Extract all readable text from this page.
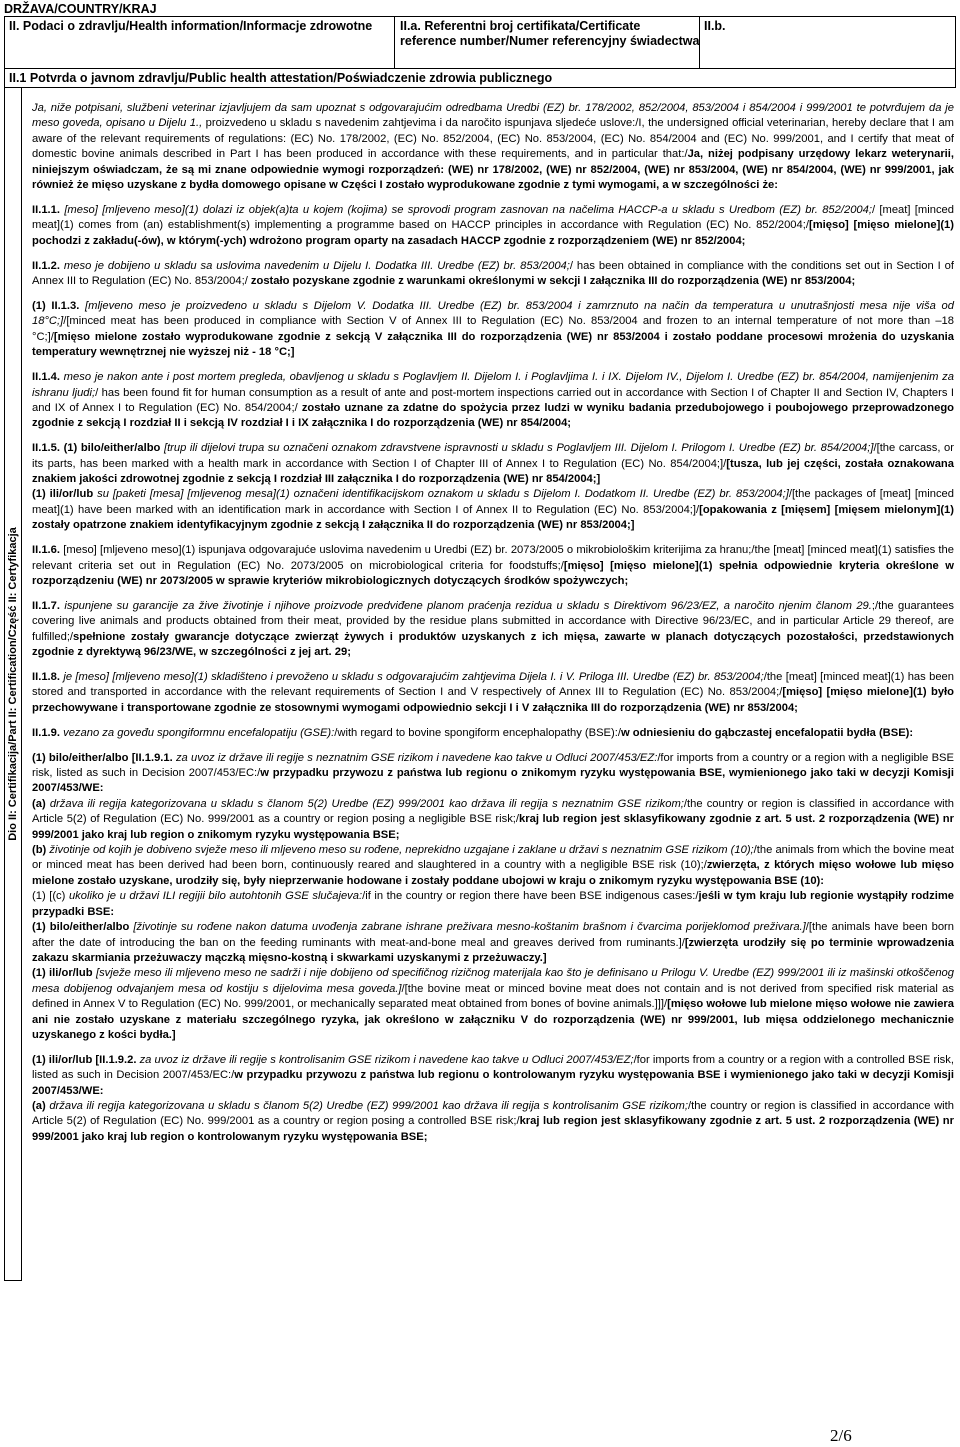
DRŽAVA/COUNTRY/KRAJ
II. Podaci o zdravlju/Health information/Informacje zdrowotne	II.a. Referentni broj certifikata/Certificate reference number/Numer referencyjny świadectwa
II.b.
II.1 Potvrda o javnom zdravlju/Public health attestation/Poświadczenie zdrowia publicznego
Dio II: Certifikacija/Part II: Certification/Część II: Certyfikacja

Ja, niže potpisani, službeni veterinar izjavljujem da sam upoznat s odgovarajućim odredbama Uredbi (EZ) br. 178/2002, 852/2004, 853/2004 i 854/2004 i 999/2001 te potvrđujem da je meso goveda, opisano u Dijelu 1., proizvedeno u skladu s navedenim zahtjevima i da naročito ispunjava sljedeće uslove:/I, the undersigned official veterinarian, hereby declare that I am aware of the relevant requirements of regulations: (EC) No. 178/2002, (EC) No. 852/2004, (EC) No. 853/2004, (EC) No. 854/2004 and (EC) No. 999/2001, and I certify that meat of domestic bovine animals described in Part I has been produced in accordance with these requirements, and in particular that:/Ja, niżej podpisany urzędowy lekarz weterynarii, niniejszym oświadczam, że są mi znane odpowiednie wymogi rozporządzeń: (WE) nr 178/2002, (WE) nr 852/2004, (WE) nr 853/2004, (WE) nr 854/2004, (WE) nr 999/2001, jak również że mięso uzyskane z bydła domowego opisane w Części I zostało wyprodukowane zgodnie z tymi wymogami, a w szczególności że:

II.1.1. [meso] [mljeveno meso](1) dolazi iz objek(a)ta u kojem (kojima) se sprovodi program zasnovan na načelima HACCP-a u skladu s Uredbom (EZ) br. 852/2004;/ [meat] [minced meat](1) comes from (an) establishment(s) implementing a programme based on HACCP principles in accordance with Regulation (EC) No. 852/2004;/[mięso] [mięso mielone](1) pochodzi z zakładu(-ów), w którym(-ych) wdrożono program oparty na zasadach HACCP zgodnie z rozporządzeniem (WE) nr 852/2004;

II.1.2. meso je dobijeno u skladu sa uslovima navedenim u Dijelu I. Dodatka III. Uredbe (EZ) br. 853/2004;/ has been obtained in compliance with the conditions set out in Section I of Annex III to Regulation (EC) No. 853/2004;/ zostało pozyskane zgodnie z warunkami określonymi w sekcji I załącznika III do rozporządzenia (WE) nr 853/2004;

(1) II.1.3. [mljeveno meso je proizvedeno u skladu s Dijelom V. Dodatka III. Uredbe (EZ) br. 853/2004 i zamrznuto na način da temperatura u unutrašnjosti mesa nije viša od 18°C;]/[minced meat has been produced in compliance with Section V of Annex III to Regulation (EC) No. 853/2004 and frozen to an internal temperature of not more than –18 °C;]/[mięso mielone zostało wyprodukowane zgodnie z sekcją V załącznika III do rozporządzenia (WE) nr 853/2004 i zostało poddane procesowi mrożenia do uzyskania temperatury wewnętrznej nie wyższej niż - 18 °C;]

II.1.4. meso je nakon ante i post mortem pregleda, obavljenog u skladu s Poglavljem II. Dijelom I. i Poglavljima I. i IX. Dijelom IV., Dijelom I. Uredbe (EZ) br. 854/2004, namijenjenim za ishranu ljudi;/ has been found fit for human consumption as a result of ante and post-mortem inspections carried out in accordance with Section I of Chapter II and Section IV, Chapters I and IX of Annex I to Regulation (EC) No. 854/2004;/ zostało uznane za zdatne do spożycia przez ludzi w wyniku badania przedubojowego i poubojowego przeprowadzonego zgodnie z sekcją I rozdział II i sekcją IV rozdział I i IX załącznika I do rozporządzenia (WE) nr 854/2004;

II.1.5. (1) bilo/either/albo [trup ili dijelovi trupa su označeni oznakom zdravstvene ispravnosti u skladu s Poglavljem III. Dijelom I. Prilogom I. Uredbe (EZ) br. 854/2004;]/[the carcass, or its parts, has been marked with a health mark in accordance with Section I of Chapter III of Annex I to Regulation (EC) No. 854/2004;]/[tusza, lub jej części, została oznakowana znakiem jakości zdrowotnej zgodnie z sekcją I rozdział III załącznika I do rozporządzenia (WE) nr 854/2004;]

(1) ili/or/lub su [paketi [mesa] [mljevenog mesa](1) označeni identifikacijskom oznakom u skladu s Dijelom I. Dodatkom II. Uredbe (EZ) br. 853/2004;]/[the packages of [meat] [minced meat](1) have been marked with an identification mark in accordance with Section I of Annex II to Regulation (EC) No. 853/2004;]/[opakowania z [mięsem] [mięsem mielonym](1) zostały opatrzone znakiem identyfikacyjnym zgodnie z sekcją I załącznika II do rozporządzenia (WE) nr 853/2004;]

II.1.6. [meso] [mljeveno meso](1) ispunjava odgovarajuće uslovima navedenim u Uredbi (EZ) br. 2073/2005 o mikrobiološkim kriterijima za hranu;/the [meat] [minced meat](1) satisfies the relevant criteria set out in Regulation (EC) No. 2073/2005 on microbiological criteria for foodstuffs;/[mięso] [mięso mielone](1) spełnia odpowiednie kryteria określone w rozporządzeniu (WE) nr 2073/2005 w sprawie kryteriów mikrobiologicznych dotyczących środków spożywczych;

II.1.7. ispunjene su garancije za žive životinje i njihove proizvode predviđene planom praćenja rezidua u skladu s Direktivom 96/23/EZ, a naročito njenim članom 29.;/the guarantees covering live animals and products obtained from their meat, provided by the residue plans submitted in accordance with Directive 96/23/EC, and in particular Article 29 thereof, are fulfilled;/spełnione zostały gwarancje dotyczące zwierząt żywych i produktów uzyskanych z ich mięsa, zawarte w planach dotyczących pozostałości, przedstawionych zgodnie z dyrektywą 96/23/WE, w szczególności z jej art. 29;

II.1.8. je [meso] [mljeveno meso](1) skladišteno i prevoženo u skladu s odgovarajućim zahtjevima Dijela I. i V. Priloga III. Uredbe (EZ) br. 853/2004;/the [meat] [minced meat](1) has been stored and transported in accordance with the relevant requirements of Section I and V respectively of Annex III to Regulation (EC) No. 853/2004;/[mięso] [mięso mielone](1) było przechowywane i transportowane zgodnie ze stosownymi wymogami odpowiednio sekcji I i V załącznika III do rozporządzenia (WE) nr 853/2004;

II.1.9. vezano za goveđu spongiformnu encefalopatiju (GSE):/with regard to bovine spongiform encephalopathy (BSE):/w odniesieniu do gąbczastej encefalopatii bydła (BSE):

(1) bilo/either/albo [II.1.9.1. za uvoz iz države ili regije s neznatnim GSE rizikom i navedene kao takve u Odluci 2007/453/EZ:/for imports from a country or a region with a negligible BSE risk, listed as such in Decision 2007/453/EC:/w przypadku przywozu z państwa lub regionu o znikomym ryzyku występowania BSE, wymienionego jako taki w decyzji Komisji 2007/453/WE:

(a) država ili regija kategorizovana u skladu s članom 5(2) Uredbe (EZ) 999/2001 kao država ili regija s neznatnim GSE rizikom;/the country or region is classified in accordance with Article 5(2) of Regulation (EC) No. 999/2001 as a country or region posing a negligible BSE risk;/kraj lub region jest sklasyfikowany zgodnie z art. 5 ust. 2 rozporządzenia (WE) nr 999/2001 jako kraj lub region o znikomym ryzyku występowania BSE;

(b) životinje od kojih je dobiveno svježe meso ili mljeveno meso su rođene, neprekidno uzgajane i zaklane u državi s neznatnim GSE rizikom (10);/the animals from which the bovine meat or minced meat has been derived had been born, continuously reared and slaughtered in a country with a negligible BSE risk (10);/zwierzęta, z których mięso wołowe lub mięso mielone zostało uzyskane, urodziły się, były nieprzerwanie hodowane i zostały poddane ubojowi w kraju o znikomym ryzyku występowania BSE (10):

(1) [(c) ukoliko je u državi ILI regijii bilo autohtonih GSE slučajeva:/if in the country or region there have been BSE indigenous cases:/jeśli w tym kraju lub regionie wystąpiły rodzime przypadki BSE:

(1) bilo/either/albo [životinje su rođene nakon datuma uvođenja zabrane ishrane preživara mesno-koštanim brašnom i čvarcima porijeklomod preživara.]/[the animals have been born after the date of introducing the ban on the feeding ruminants with meat-and-bone meal and greaves derived from ruminants.]/[zwierzęta urodziły się po terminie wprowadzenia zakazu skarmiania przeżuwaczy mączką mięsno-kostną i skwarkami uzyskanymi z przeżuwaczy.]

(1) ili/or/lub [svježe meso ili mljeveno meso ne sadrži i nije dobijeno od specifičnog rizičnog materijala kao što je definisano u Prilogu V. Uredbe (EZ) 999/2001 ili iz mašinski otkoščenog mesa dobijenog odvajanjem mesa od kostiju s dijelovima mesa goveda.]/[the bovine meat or minced bovine meat does not contain and is not derived from specified risk material as defined in Annex V to Regulation (EC) No. 999/2001, or mechanically separated meat obtained from bones of bovine animals.]]]/[mięso wołowe lub mielone mięso wołowe nie zawiera ani nie zostało uzyskane z materiału szczególnego ryzyka, jak określono w załączniku V do rozporządzenia (WE) nr 999/2001, lub mięsa oddzielonego mechanicznie uzyskanego z kości bydła.]

(1) ili/or/lub [II.1.9.2. za uvoz iz države ili regije s kontrolisanim GSE rizikom i navedene kao takve u Odluci 2007/453/EZ;/for imports from a country or a region with a controlled BSE risk, listed as such in Decision 2007/453/EC:/w przypadku przywozu z państwa lub regionu o kontrolowanym ryzyku występowania BSE i wymienionego jako taki w decyzji Komisji 2007/453/WE:

(a) država ili regija kategorizovana u skladu s članom 5(2) Uredbe (EZ) 999/2001 kao država ili regija s kontrolisanim GSE rizikom;/the country or region is classified in accordance with Article 5(2) of Regulation (EC) No. 999/2001 as a country or region posing a controlled BSE risk;/kraj lub region jest sklasyfikowany zgodnie z art. 5 ust. 2 rozporządzenia (WE) nr 999/2001 jako kraj lub region o kontrolowanym ryzyku występowania BSE;

2/6
